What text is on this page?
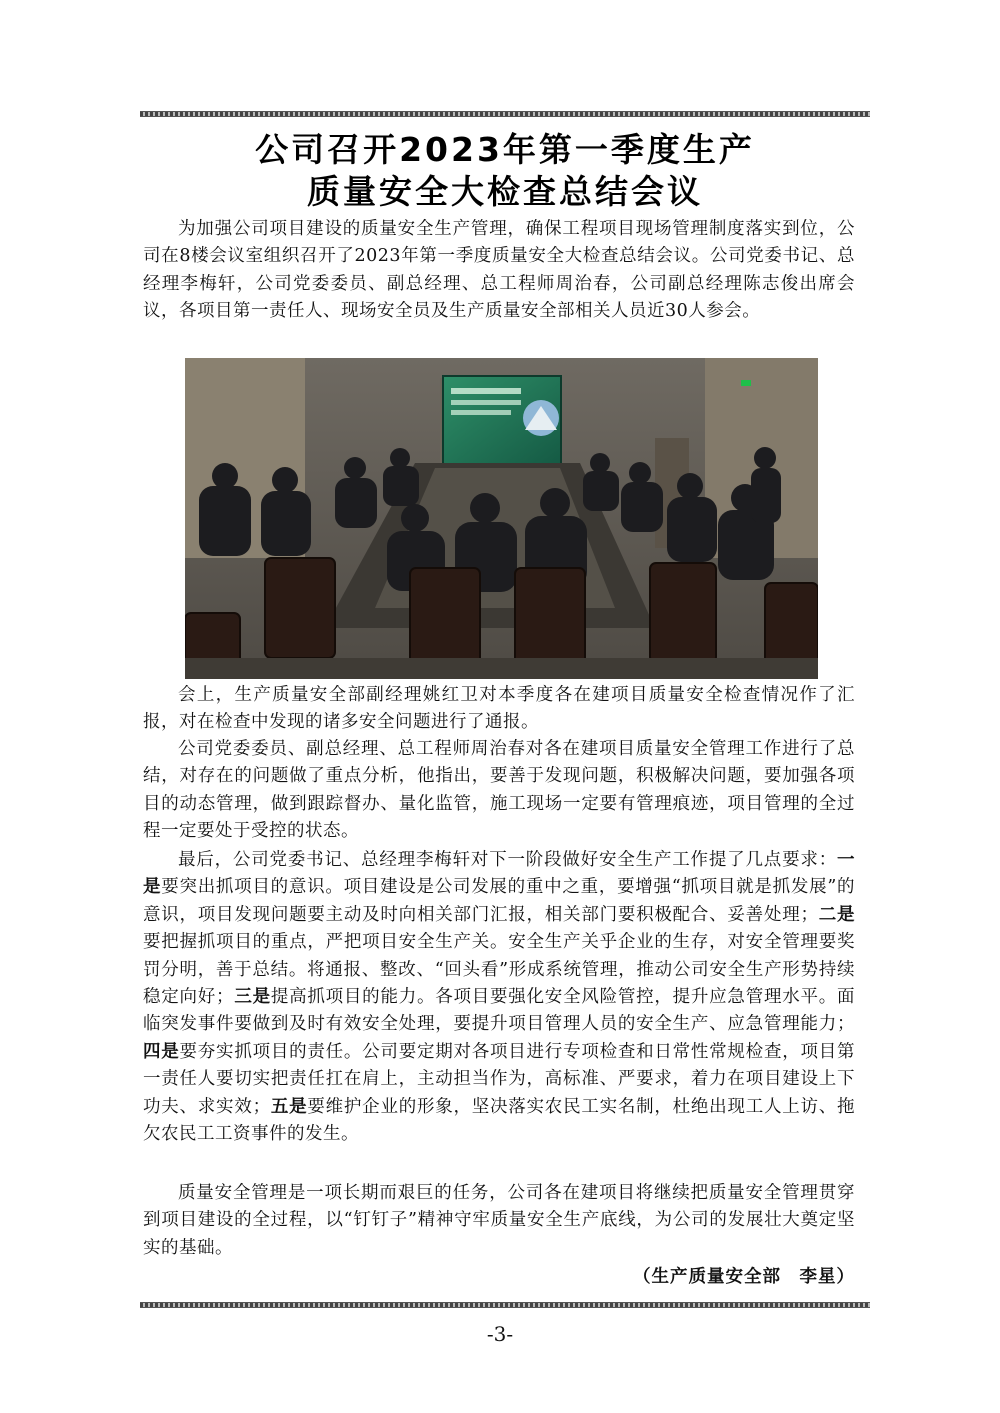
公司召开2023年第一季度生产
质量安全大检查总结会议

为加强公司项目建设的质量安全生产管理，确保工程项目现场管理制度落实到位，公司在8楼会议室组织召开了2023年第一季度质量安全大检查总结会议。公司党委书记、总经理李梅轩，公司党委委员、副总经理、总工程师周治春，公司副总经理陈志俊出席会议，各项目第一责任人、现场安全员及生产质量安全部相关人员近30人参会。

会上，生产质量安全部副经理姚红卫对本季度各在建项目质量安全检查情况作了汇报，对在检查中发现的诸多安全问题进行了通报。

公司党委委员、副总经理、总工程师周治春对各在建项目质量安全管理工作进行了总结，对存在的问题做了重点分析，他指出，要善于发现问题，积极解决问题，要加强各项目的动态管理，做到跟踪督办、量化监管，施工现场一定要有管理痕迹，项目管理的全过程一定要处于受控的状态。

最后，公司党委书记、总经理李梅轩对下一阶段做好安全生产工作提了几点要求：一是要突出抓项目的意识。项目建设是公司发展的重中之重，要增强“抓项目就是抓发展”的意识，项目发现问题要主动及时向相关部门汇报，相关部门要积极配合、妥善处理；二是要把握抓项目的重点，严把项目安全生产关。安全生产关乎企业的生存，对安全管理要奖罚分明，善于总结。将通报、整改、“回头看”形成系统管理，推动公司安全生产形势持续稳定向好；三是提高抓项目的能力。各项目要强化安全风险管控，提升应急管理水平。面临突发事件要做到及时有效安全处理，要提升项目管理人员的安全生产、应急管理能力；四是要夯实抓项目的责任。公司要定期对各项目进行专项检查和日常性常规检查，项目第一责任人要切实把责任扛在肩上，主动担当作为，高标准、严要求，着力在项目建设上下功夫、求实效；五是要维护企业的形象，坚决落实农民工实名制，杜绝出现工人上访、拖欠农民工工资事件的发生。

质量安全管理是一项长期而艰巨的任务，公司各在建项目将继续把质量安全管理贯穿到项目建设的全过程，以“钉钉子”精神守牢质量安全生产底线，为公司的发展壮大奠定坚实的基础。

（生产质量安全部　李星）

-3-
